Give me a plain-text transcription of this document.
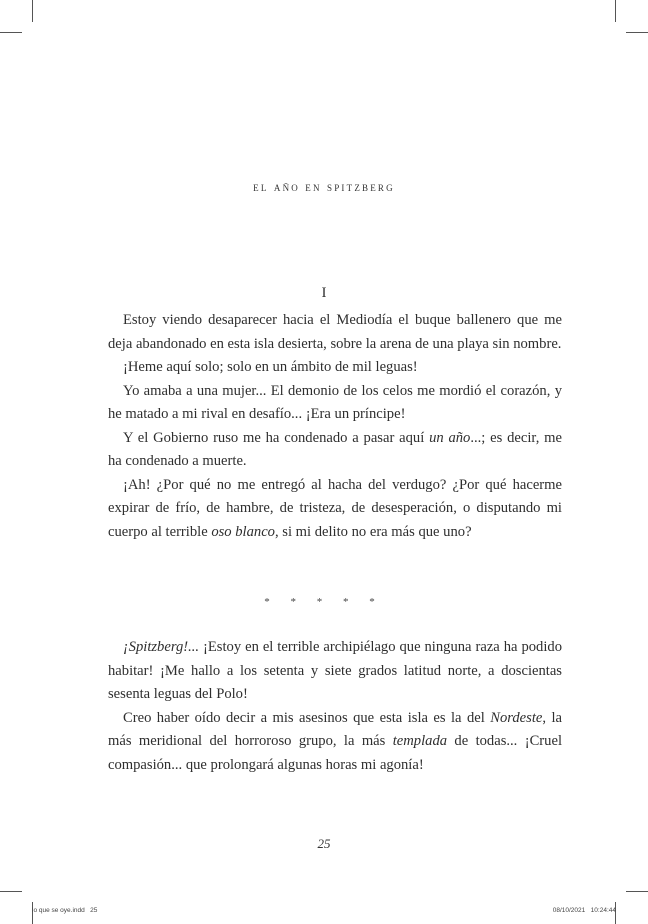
el año en spitzberg
I

Estoy viendo desaparecer hacia el Mediodía el buque ballenero que me deja abandonado en esta isla desierta, sobre la arena de una playa sin nombre.

¡Heme aquí solo; solo en un ámbito de mil leguas!

Yo amaba a una mujer... El demonio de los celos me mordió el corazón, y he matado a mi rival en desafío... ¡Era un príncipe!

Y el Gobierno ruso me ha condenado a pasar aquí un año...; es decir, me ha condenado a muerte.

¡Ah! ¿Por qué no me entregó al hacha del verdugo? ¿Por qué hacerme expirar de frío, de hambre, de tristeza, de desesperación, o disputando mi cuerpo al terrible oso blanco, si mi delito no era más que uno?

* * * * *

¡Spitzberg!... ¡Estoy en el terrible archipiélago que ninguna raza ha podido habitar! ¡Me hallo a los setenta y siete grados latitud norte, a doscientas sesenta leguas del Polo!

Creo haber oído decir a mis asesinos que esta isla es la del Nordeste, la más meridional del horroroso grupo, la más templada de todas... ¡Cruel compasión... que prolongará algunas horas mi agonía!

25
lo que se oye.indd   25	08/10/2021   10:24:44
